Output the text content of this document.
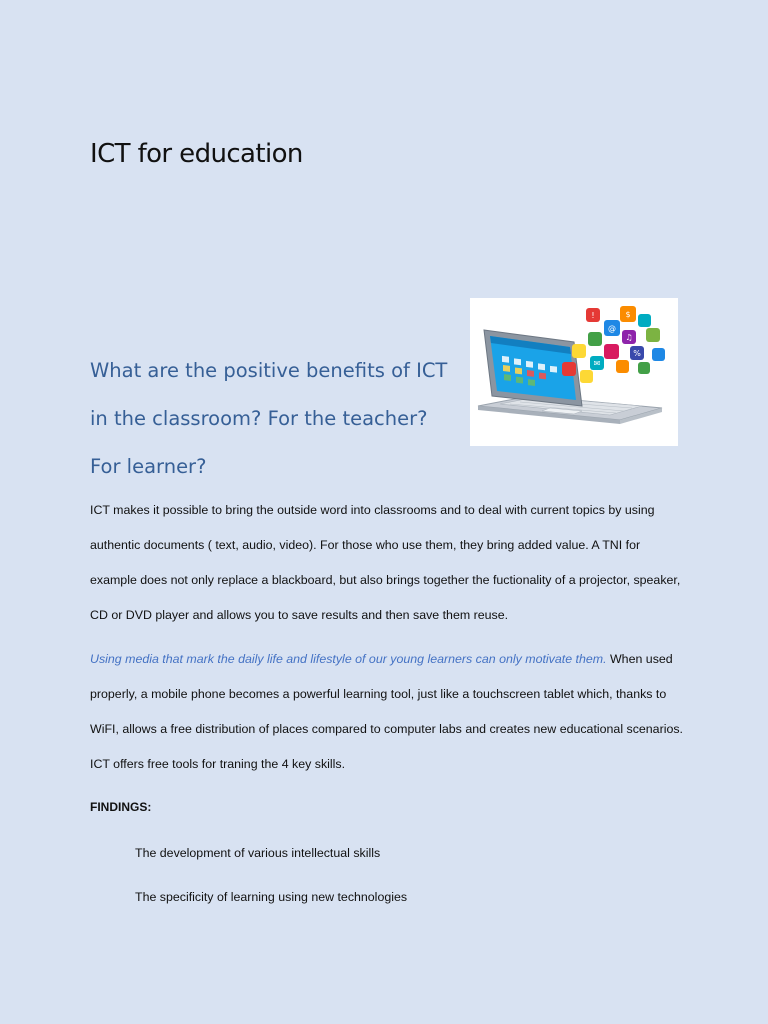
ICT for education
!	$
@
♫
%
✉
What are the positive benefits of ICT in the classroom? For the teacher? For learner?

ICT makes it possible to bring the outside word into classrooms and to deal with current topics by using authentic documents ( text, audio, video). For those who use them, they bring added value. A TNI for example does not only replace a blackboard, but also brings together the fuctionality of a projector, speaker, CD or DVD player and allows you to save results and then save them reuse.

Using media that mark the daily life and lifestyle of our young learners can only motivate them. When used properly, a mobile phone becomes a powerful learning tool, just like a touchscreen tablet which, thanks to WiFI, allows a free distribution of places compared to computer labs and creates new educational scenarios. ICT offers free tools for traning the 4 key skills.

FINDINGS:

The development of various intellectual skills

The specificity of learning using new technologies
